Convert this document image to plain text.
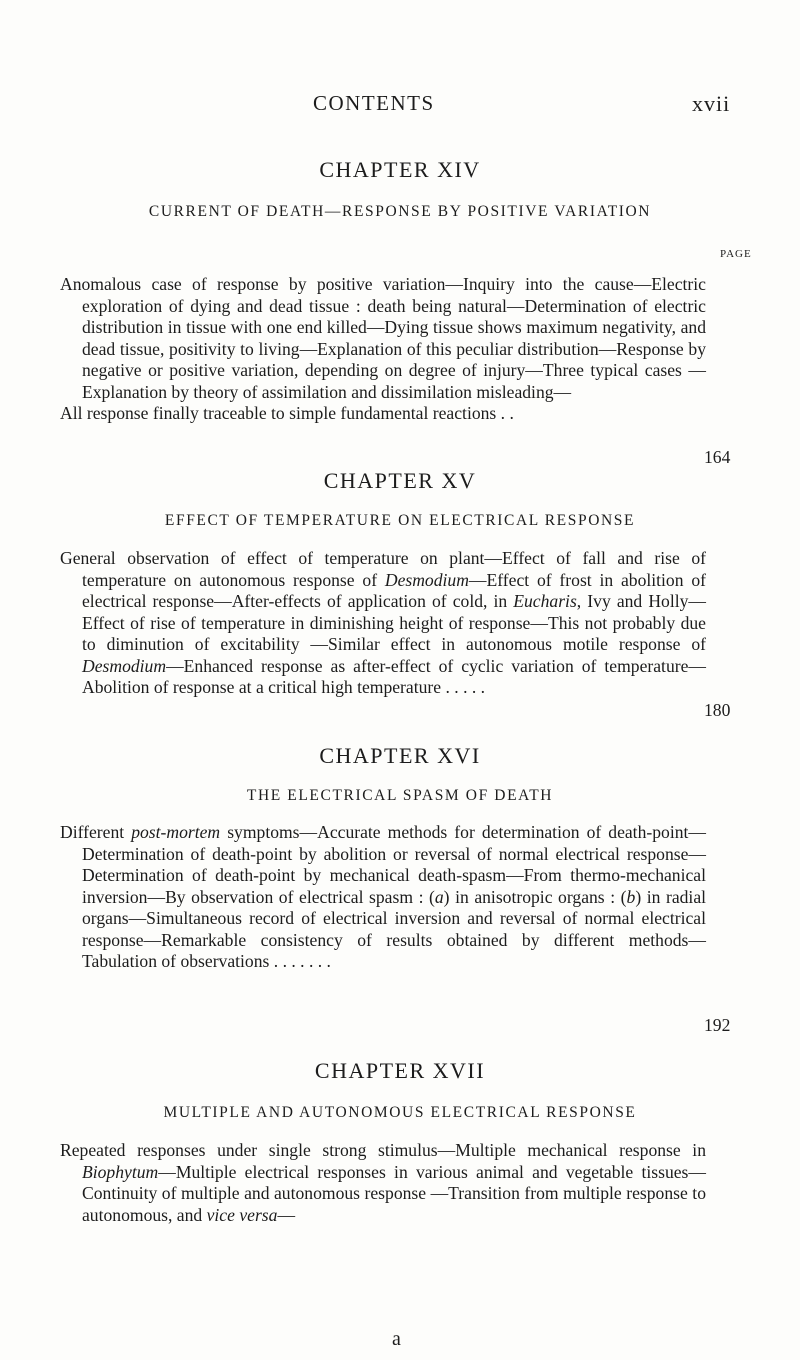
CONTENTS	xvii
CHAPTER XIV
CURRENT OF DEATH—RESPONSE BY POSITIVE VARIATION
PAGE
Anomalous case of response by positive variation—Inquiry into the cause—Electric exploration of dying and dead tissue : death being natural—Determination of electric distribution in tissue with one end killed—Dying tissue shows maximum negativity, and dead tissue, positivity to living—Explanation of this peculiar distribution—Response by negative or positive variation, depending on degree of injury—Three typical cases —Explanation by theory of assimilation and dissimilation misleading—
All response finally traceable to simple fundamental reactions . .
164
CHAPTER XV
EFFECT OF TEMPERATURE ON ELECTRICAL RESPONSE
General observation of effect of temperature on plant—Effect of fall and rise of temperature on autonomous response of Desmodium—Effect of frost in abolition of electrical response—After-effects of application of cold, in Eucharis, Ivy and Holly—Effect of rise of temperature in diminishing height of response—This not probably due to diminution of excitability —Similar effect in autonomous motile response of Desmodium—Enhanced response as after-effect of cyclic variation of temperature—Abolition of response at a critical high temperature . . . . .
180
CHAPTER XVI
THE ELECTRICAL SPASM OF DEATH
Different post-mortem symptoms—Accurate methods for determination of death-point—Determination of death-point by abolition or reversal of normal electrical response—Determination of death-point by mechanical death-spasm—From thermo-mechanical inversion—By observation of electrical spasm : (a) in anisotropic organs : (b) in radial organs—Simultaneous record of electrical inversion and reversal of normal electrical response—Remarkable consistency of results obtained by different methods—Tabulation of observations . . . . . . .
192
CHAPTER XVII
MULTIPLE AND AUTONOMOUS ELECTRICAL RESPONSE
Repeated responses under single strong stimulus—Multiple mechanical response in Biophytum—Multiple electrical responses in various animal and vegetable tissues—Continuity of multiple and autonomous response —Transition from multiple response to autonomous, and vice versa—
a
